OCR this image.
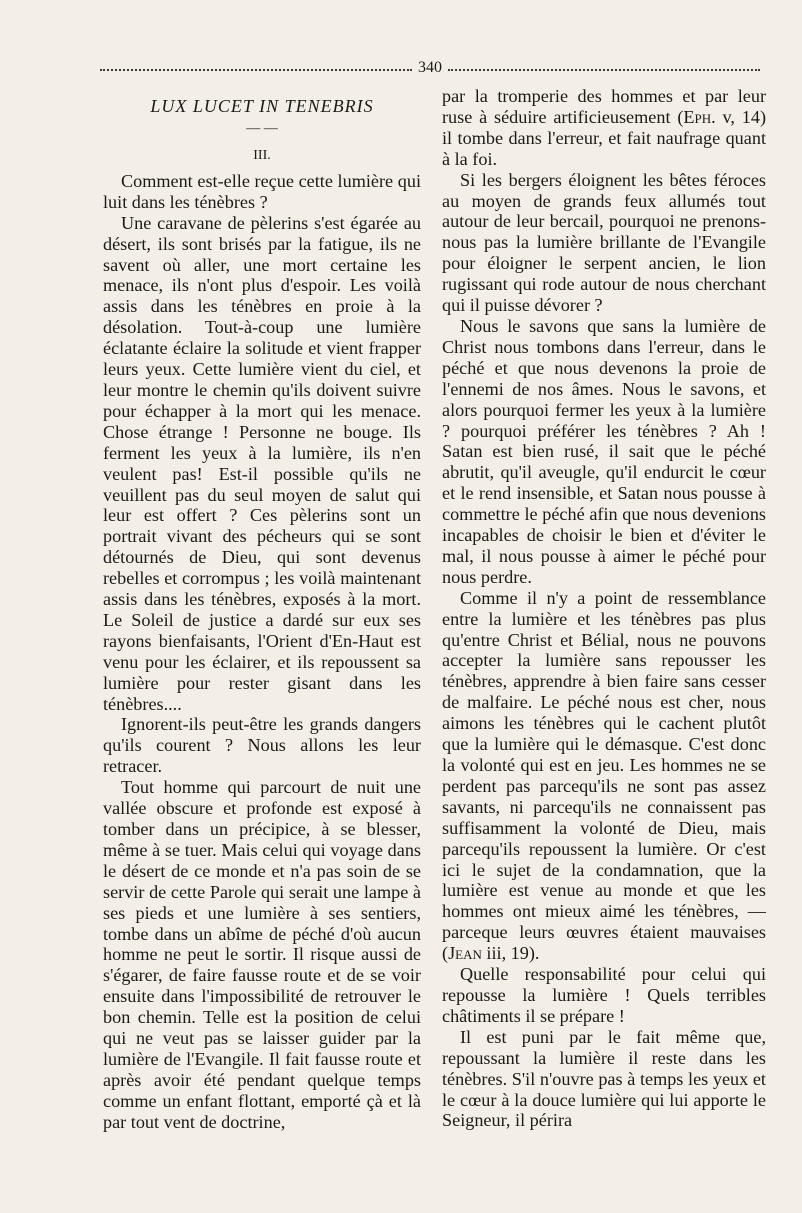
340
LUX LUCET IN TENEBRIS
— —
III.

Comment est-elle reçue cette lumière qui luit dans les ténèbres ?

Une caravane de pèlerins s'est égarée au désert, ils sont brisés par la fatigue, ils ne savent où aller, une mort certaine les menace, ils n'ont plus d'espoir. Les voilà assis dans les ténèbres en proie à la désolation. Tout-à-coup une lumière éclatante éclaire la solitude et vient frapper leurs yeux. Cette lumière vient du ciel, et leur montre le chemin qu'ils doivent suivre pour échapper à la mort qui les menace. Chose étrange ! Personne ne bouge. Ils ferment les yeux à la lumière, ils n'en veulent pas! Est-il possible qu'ils ne veuillent pas du seul moyen de salut qui leur est offert ? Ces pèlerins sont un portrait vivant des pécheurs qui se sont détournés de Dieu, qui sont devenus rebelles et corrompus ; les voilà maintenant assis dans les ténèbres, exposés à la mort. Le Soleil de justice a dardé sur eux ses rayons bienfaisants, l'Orient d'En-Haut est venu pour les éclairer, et ils repoussent sa lumière pour rester gisant dans les ténèbres....

Ignorent-ils peut-être les grands dangers qu'ils courent ? Nous allons les leur retracer.

Tout homme qui parcourt de nuit une vallée obscure et profonde est exposé à tomber dans un précipice, à se blesser, même à se tuer. Mais celui qui voyage dans le désert de ce monde et n'a pas soin de se servir de cette Parole qui serait une lampe à ses pieds et une lumière à ses sentiers, tombe dans un abîme de péché d'où aucun homme ne peut le sortir. Il risque aussi de s'égarer, de faire fausse route et de se voir ensuite dans l'impossibilité de retrouver le bon chemin. Telle est la position de celui qui ne veut pas se laisser guider par la lumière de l'Evangile. Il fait fausse route et après avoir été pendant quelque temps comme un enfant flottant, emporté çà et là par tout vent de doctrine,

par la tromperie des hommes et par leur ruse à séduire artificieusement (Eph. v, 14) il tombe dans l'erreur, et fait naufrage quant à la foi.

Si les bergers éloignent les bêtes féroces au moyen de grands feux allumés tout autour de leur bercail, pourquoi ne prenons-nous pas la lumière brillante de l'Evangile pour éloigner le serpent ancien, le lion rugissant qui rode autour de nous cherchant qui il puisse dévorer ?

Nous le savons que sans la lumière de Christ nous tombons dans l'erreur, dans le péché et que nous devenons la proie de l'ennemi de nos âmes. Nous le savons, et alors pourquoi fermer les yeux à la lumière ? pourquoi préférer les ténèbres ? Ah ! Satan est bien rusé, il sait que le péché abrutit, qu'il aveugle, qu'il endurcit le cœur et le rend insensible, et Satan nous pousse à commettre le péché afin que nous devenions incapables de choisir le bien et d'éviter le mal, il nous pousse à aimer le péché pour nous perdre.

Comme il n'y a point de ressemblance entre la lumière et les ténèbres pas plus qu'entre Christ et Bélial, nous ne pouvons accepter la lumière sans repousser les ténèbres, apprendre à bien faire sans cesser de malfaire. Le péché nous est cher, nous aimons les ténèbres qui le cachent plutôt que la lumière qui le démasque. C'est donc la volonté qui est en jeu. Les hommes ne se perdent pas parcequ'ils ne sont pas assez savants, ni parcequ'ils ne connaissent pas suffisamment la volonté de Dieu, mais parcequ'ils repoussent la lumière. Or c'est ici le sujet de la condamnation, que la lumière est venue au monde et que les hommes ont mieux aimé les ténèbres, — parceque leurs œuvres étaient mauvaises (Jean iii, 19).

Quelle responsabilité pour celui qui repousse la lumière ! Quels terribles châtiments il se prépare !

Il est puni par le fait même que, repoussant la lumière il reste dans les ténèbres. S'il n'ouvre pas à temps les yeux et le cœur à la douce lumière qui lui apporte le Seigneur, il périra
